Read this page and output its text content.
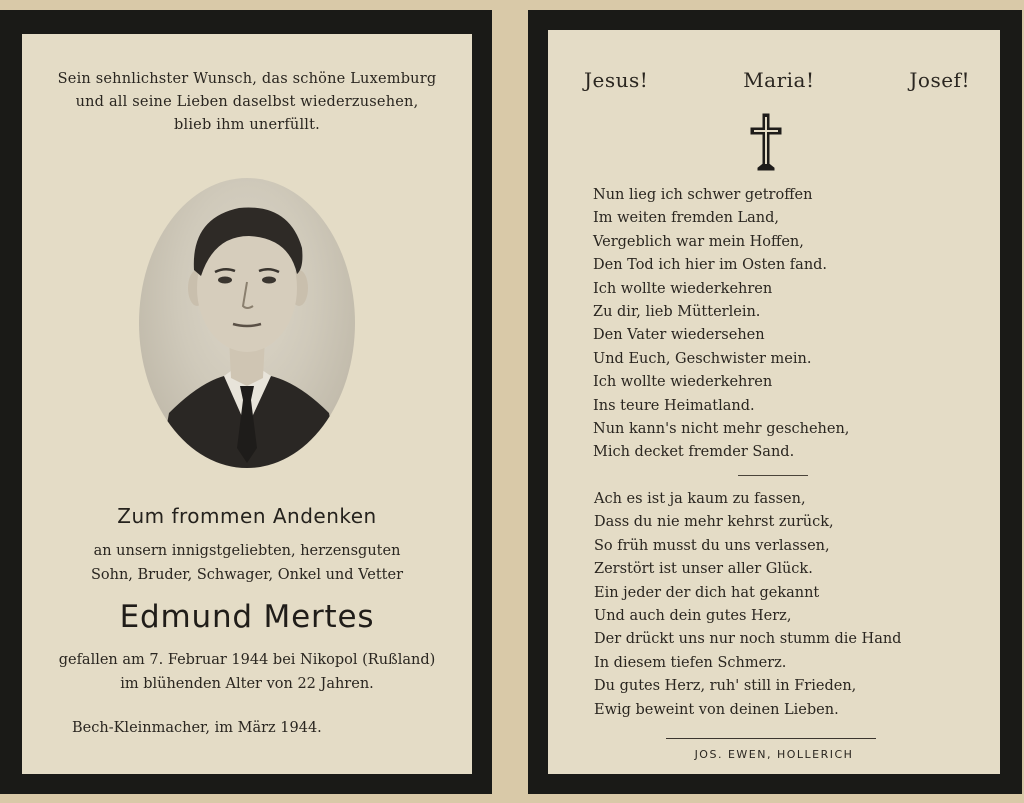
Sein sehnlichster Wunsch, das schöne Luxemburg
und all seine Lieben daselbst wiederzusehen,
blieb ihm unerfüllt.
Zum frommen Andenken
an unsern innigstgeliebten, herzensguten
Sohn, Bruder, Schwager, Onkel und Vetter
Edmund Mertes
gefallen am 7. Februar 1944 bei Nikopol (Rußland)
im blühenden Alter von 22 Jahren.
Bech-Kleinmacher, im März 1944.
Jesus!	Maria!	Josef!
Nun lieg ich schwer getroffen
Im weiten fremden Land,
Vergeblich war mein Hoffen,
Den Tod ich hier im Osten fand.
Ich wollte wiederkehren
Zu dir, lieb Mütterlein.
Den Vater wiedersehen
Und Euch, Geschwister mein.
Ich wollte wiederkehren
Ins teure Heimatland.
Nun kann's nicht mehr geschehen,
Mich decket fremder Sand.
Ach es ist ja kaum zu fassen,
Dass du nie mehr kehrst zurück,
So früh musst du uns verlassen,
Zerstört ist unser aller Glück.
Ein jeder der dich hat gekannt
Und auch dein gutes Herz,
Der drückt uns nur noch stumm die Hand
In diesem tiefen Schmerz.
Du gutes Herz, ruh' still in Frieden,
Ewig beweint von deinen Lieben.
JOS. EWEN, HOLLERICH
